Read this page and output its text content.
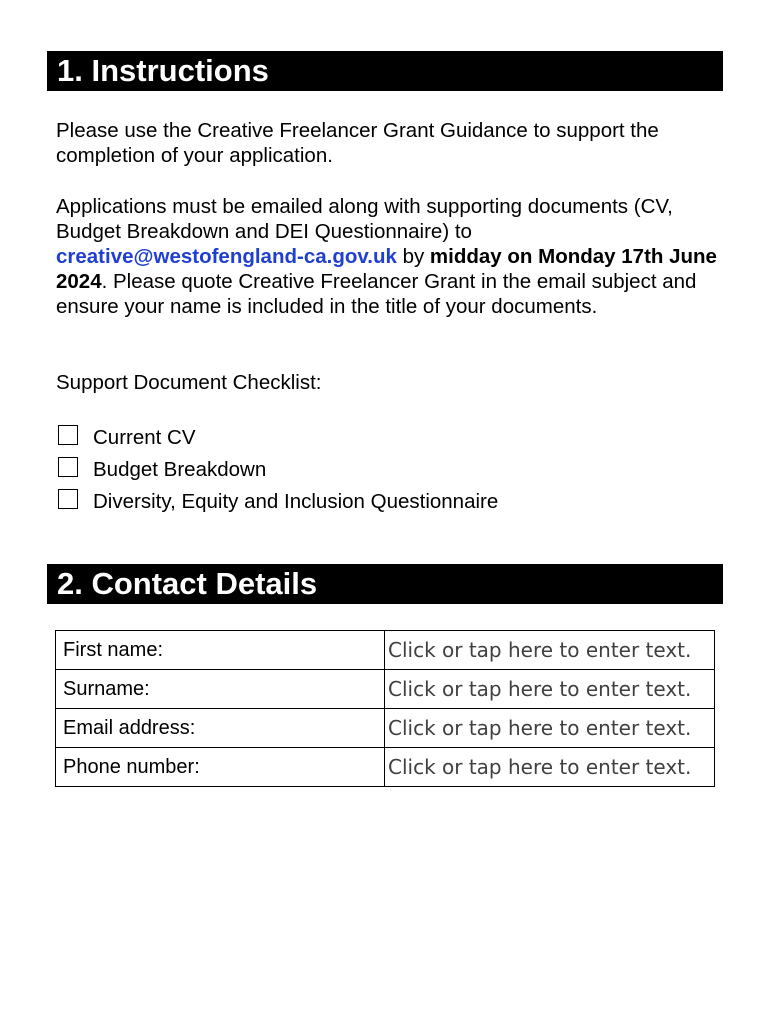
1. Instructions

Please use the Creative Freelancer Grant Guidance to support the completion of your application.

Applications must be emailed along with supporting documents (CV, Budget Breakdown and DEI Questionnaire) to creative@westofengland-ca.gov.uk by midday on Monday 17th June 2024. Please quote Creative Freelancer Grant in the email subject and ensure your name is included in the title of your documents.

Support Document Checklist:

Current CV
Budget Breakdown
Diversity, Equity and Inclusion Questionnaire
2. Contact Details
First name:	Click or tap here to enter text.
Surname:	Click or tap here to enter text.
Email address:	Click or tap here to enter text.
Phone number:	Click or tap here to enter text.
